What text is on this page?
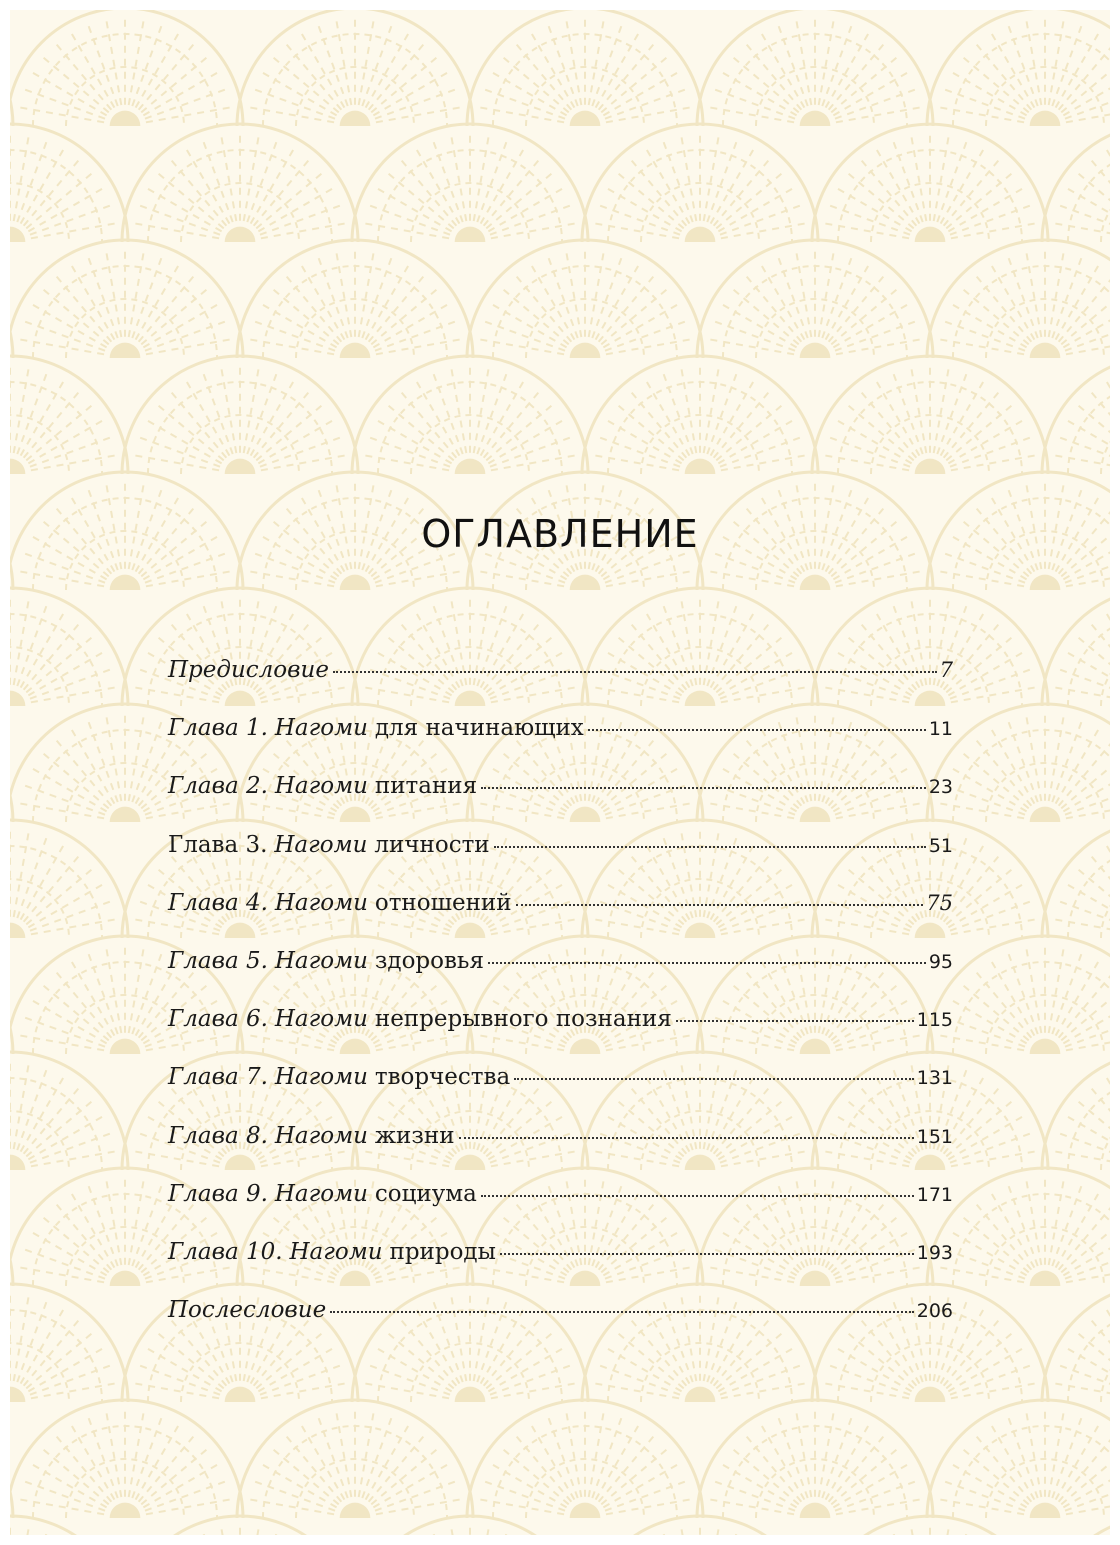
ОГЛАВЛЕНИЕ
Предисловие	7
Глава 1. Нагоми для начинающих	11
Глава 2. Нагоми питания	23
Глава 3. Нагоми личности	51
Глава 4. Нагоми отношений	75
Глава 5. Нагоми здоровья	95
Глава 6. Нагоми непрерывного познания	115
Глава 7. Нагоми творчества	131
Глава 8. Нагоми жизни	151
Глава 9. Нагоми социума	171
Глава 10. Нагоми природы	193
Послесловие	206
